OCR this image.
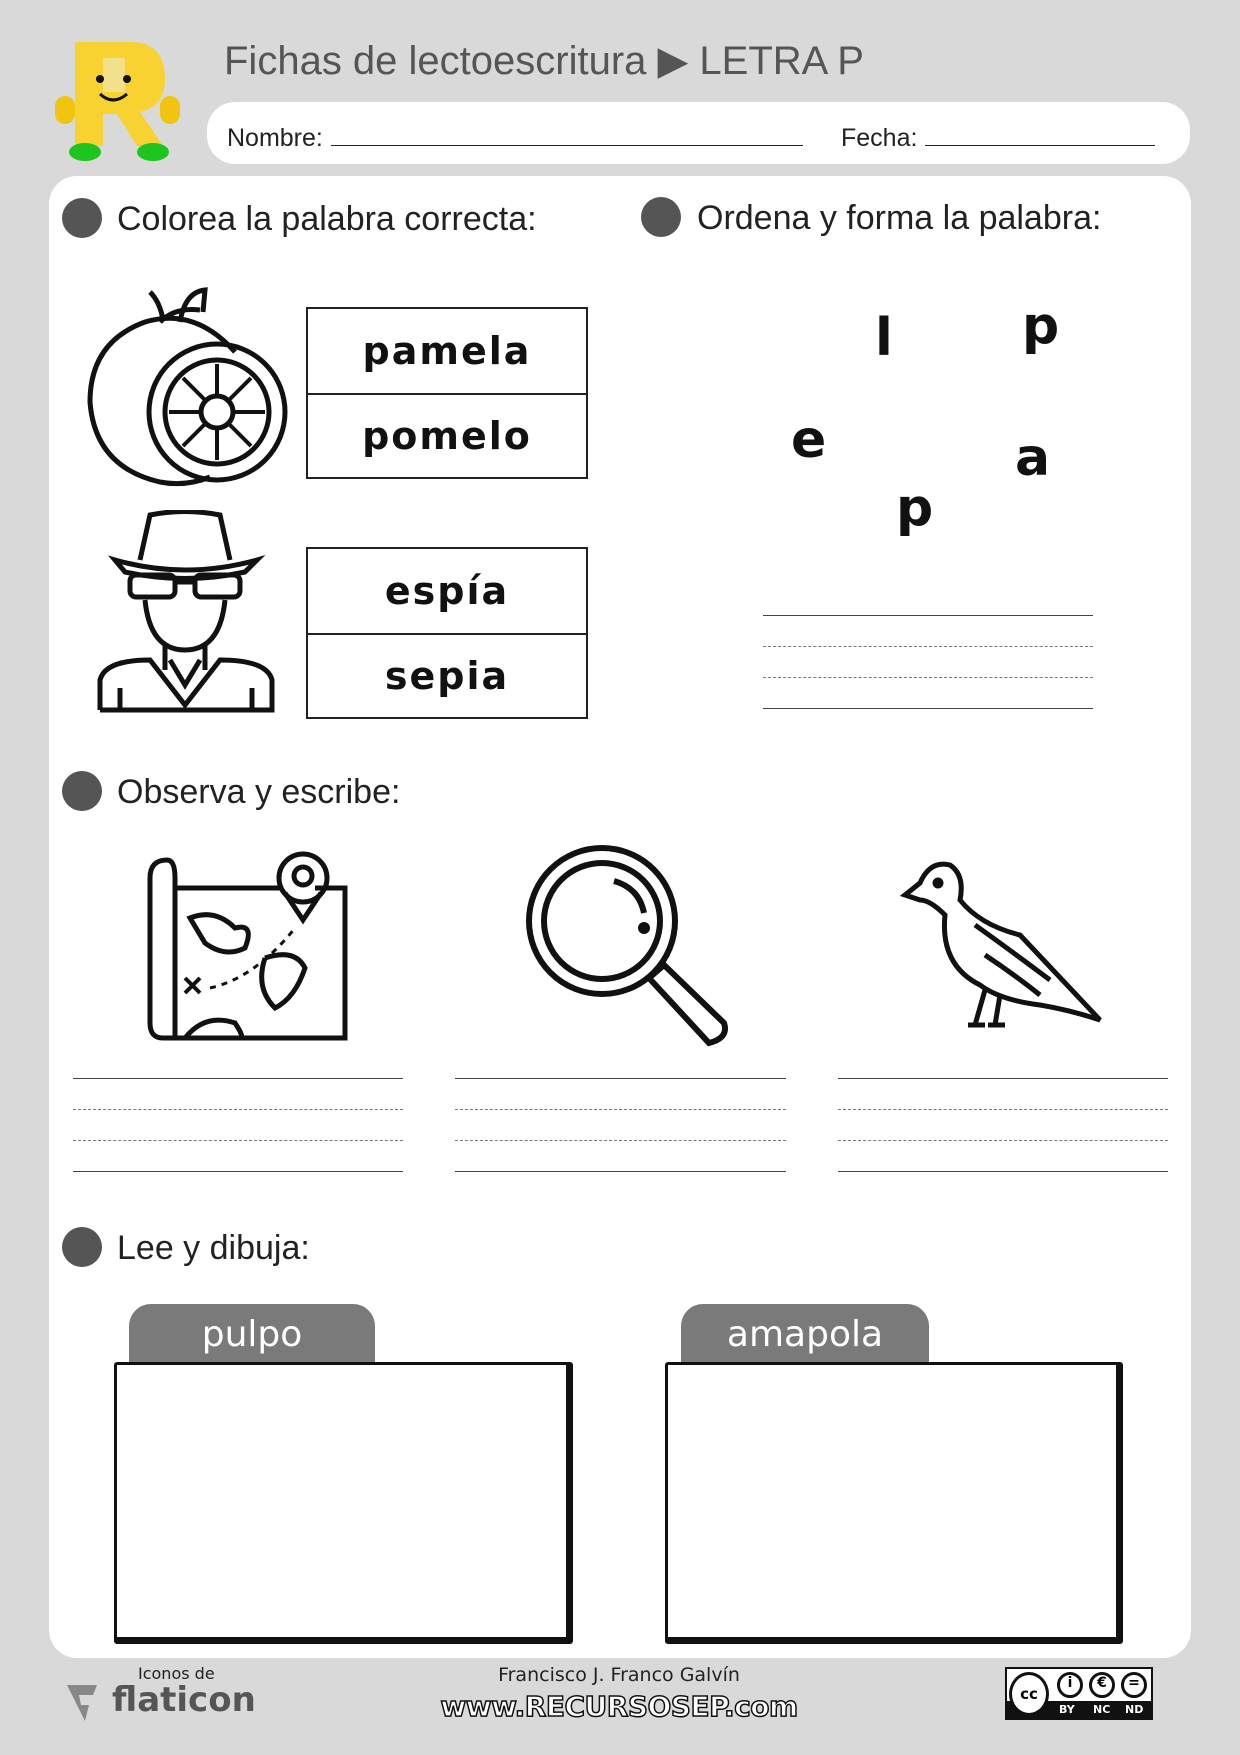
Fichas de lectoescritura ▶ LETRA P
Nombre:	Fecha:
Colorea la palabra correcta:
pamela
pomelo
espía
sepia
Ordena y forma la palabra:
l p
e	a
p
Observa y escribe:
Lee y dibuja:
pulpo	amapola
Iconos de
flaticon
Francisco J. Franco Galvín
www.RECURSOSEP.com	cc
i	€	=
BY NC ND
